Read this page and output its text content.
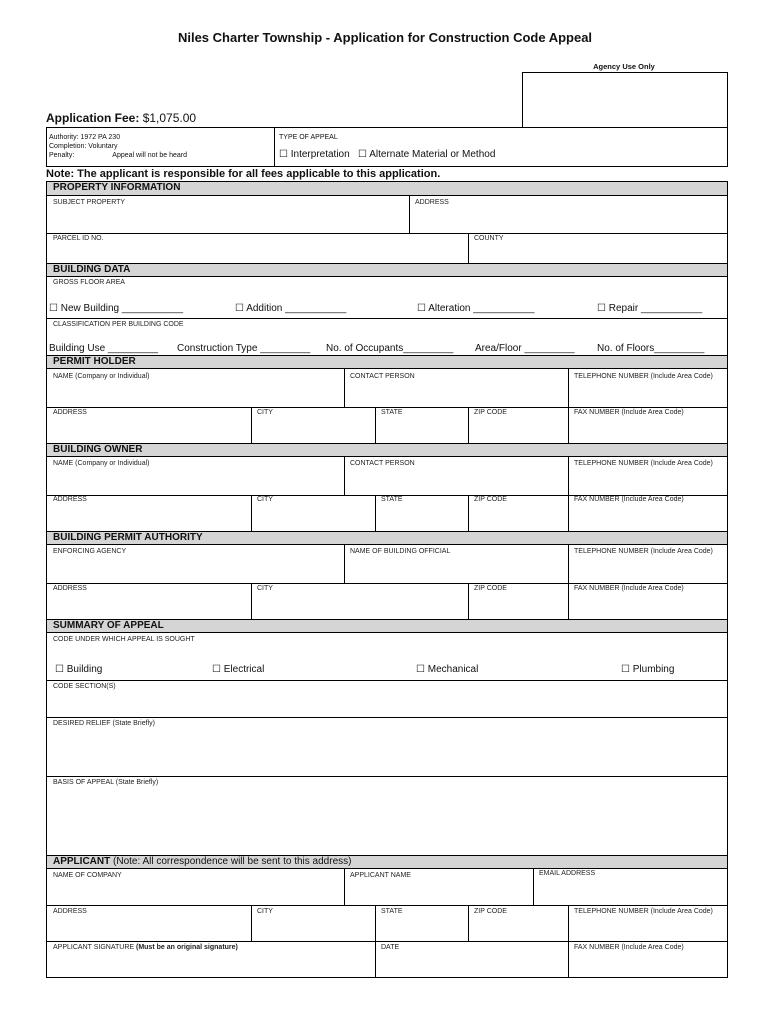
Niles Charter Township - Application for Construction Code Appeal
Agency Use Only
Application Fee: $1,075.00
Authority: 1972 PA 230
Completion: Voluntary
Penalty:	Appeal will not be heard
TYPE OF APPEAL
☐ Interpretation ☐ Alternate Material or Method
Note: The applicant is responsible for all fees applicable to this application.
PROPERTY INFORMATION
SUBJECT PROPERTY	ADDRESS
PARCEL ID NO.	COUNTY
BUILDING DATA
GROSS FLOOR AREA
☐ New Building ___________	☐ Addition ___________	☐ Alteration ___________	☐ Repair ___________
CLASSIFICATION PER BUILDING CODE
Building Use _________ Construction Type _________ No. of Occupants_________ Area/Floor _________ No. of Floors_________
PERMIT HOLDER
NAME (Company or Individual)	CONTACT PERSON	TELEPHONE NUMBER (Include Area Code)
ADDRESS	CITY	STATE	ZIP CODE	FAX NUMBER (Include Area Code)
BUILDING OWNER
NAME (Company or Individual)	CONTACT PERSON	TELEPHONE NUMBER (Include Area Code)
ADDRESS	CITY	STATE	ZIP CODE	FAX NUMBER (Include Area Code)
BUILDING PERMIT AUTHORITY
ENFORCING AGENCY	NAME OF BUILDING OFFICIAL	TELEPHONE NUMBER (Include Area Code)
ADDRESS	CITY	ZIP CODE	FAX NUMBER (Include Area Code)
SUMMARY OF APPEAL
CODE UNDER WHICH APPEAL IS SOUGHT
☐ Building	☐ Electrical	☐ Mechanical	☐ Plumbing
CODE SECTION(S)
DESIRED RELIEF (State Briefly)
BASIS OF APPEAL (State Briefly)
APPLICANT (Note: All correspondence will be sent to this address)
NAME OF COMPANY	APPLICANT NAME	EMAIL ADDRESS
ADDRESS	CITY	STATE	ZIP CODE	TELEPHONE NUMBER (Include Area Code)
APPLICANT SIGNATURE (Must be an original signature)	DATE	FAX NUMBER (Include Area Code)
